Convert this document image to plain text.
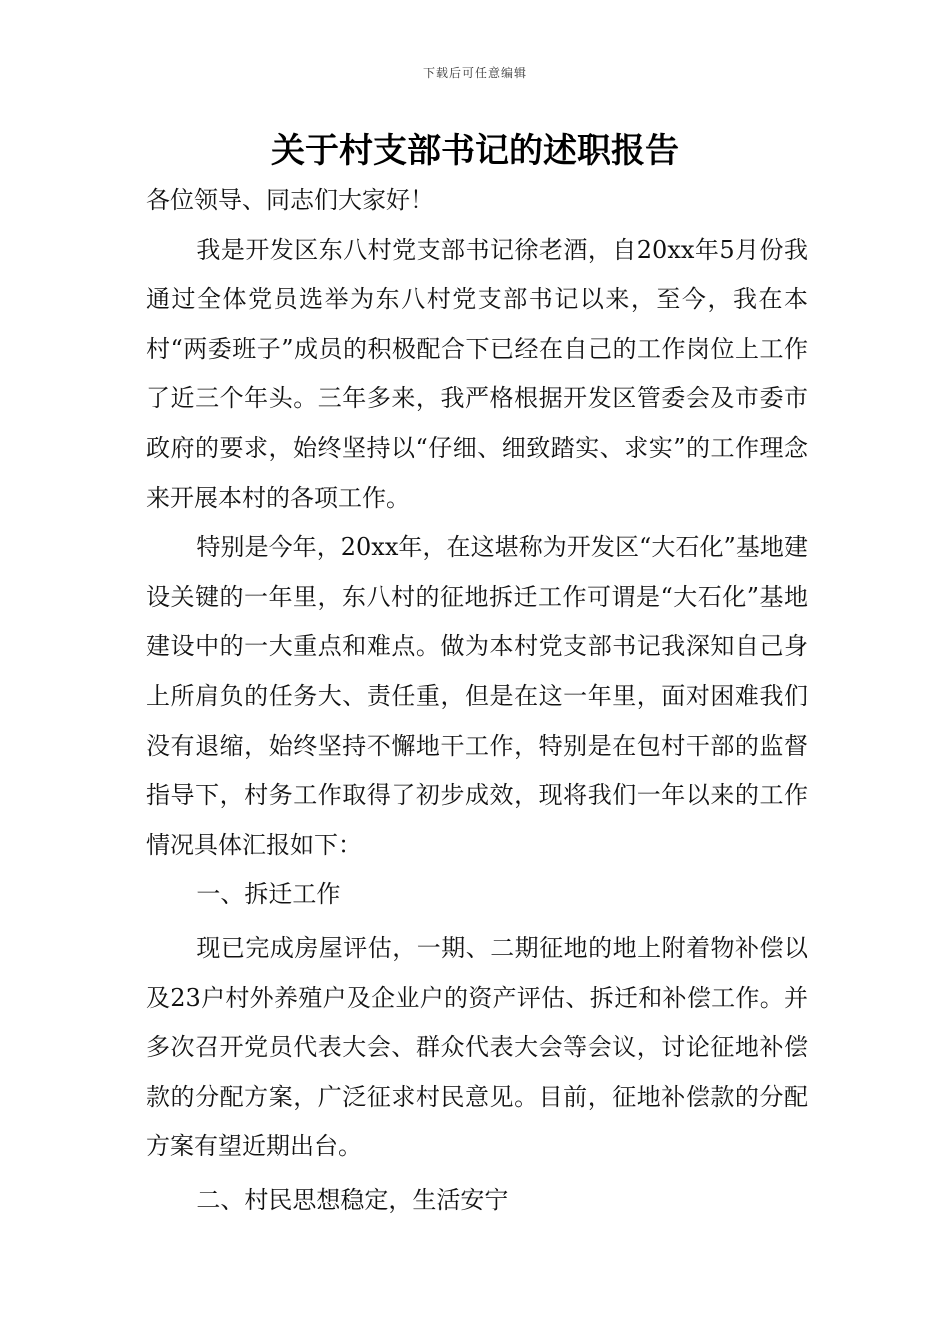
下载后可任意编辑
关于村支部书记的述职报告

各位领导、同志们大家好！

我是开发区东八村党支部书记徐老酒，自20xx年5月份我通过全体党员选举为东八村党支部书记以来，至今，我在本村“两委班子”成员的积极配合下已经在自己的工作岗位上工作了近三个年头。三年多来，我严格根据开发区管委会及市委市政府的要求，始终坚持以“仔细、细致踏实、求实”的工作理念来开展本村的各项工作。

特别是今年，20xx年，在这堪称为开发区“大石化”基地建设关键的一年里，东八村的征地拆迁工作可谓是“大石化”基地建设中的一大重点和难点。做为本村党支部书记我深知自己身上所肩负的任务大、责任重，但是在这一年里，面对困难我们没有退缩，始终坚持不懈地干工作，特别是在包村干部的监督指导下，村务工作取得了初步成效，现将我们一年以来的工作情况具体汇报如下：

一、拆迁工作

现已完成房屋评估，一期、二期征地的地上附着物补偿以及23户村外养殖户及企业户的资产评估、拆迁和补偿工作。并多次召开党员代表大会、群众代表大会等会议，讨论征地补偿款的分配方案，广泛征求村民意见。目前，征地补偿款的分配方案有望近期出台。

二、村民思想稳定，生活安宁
